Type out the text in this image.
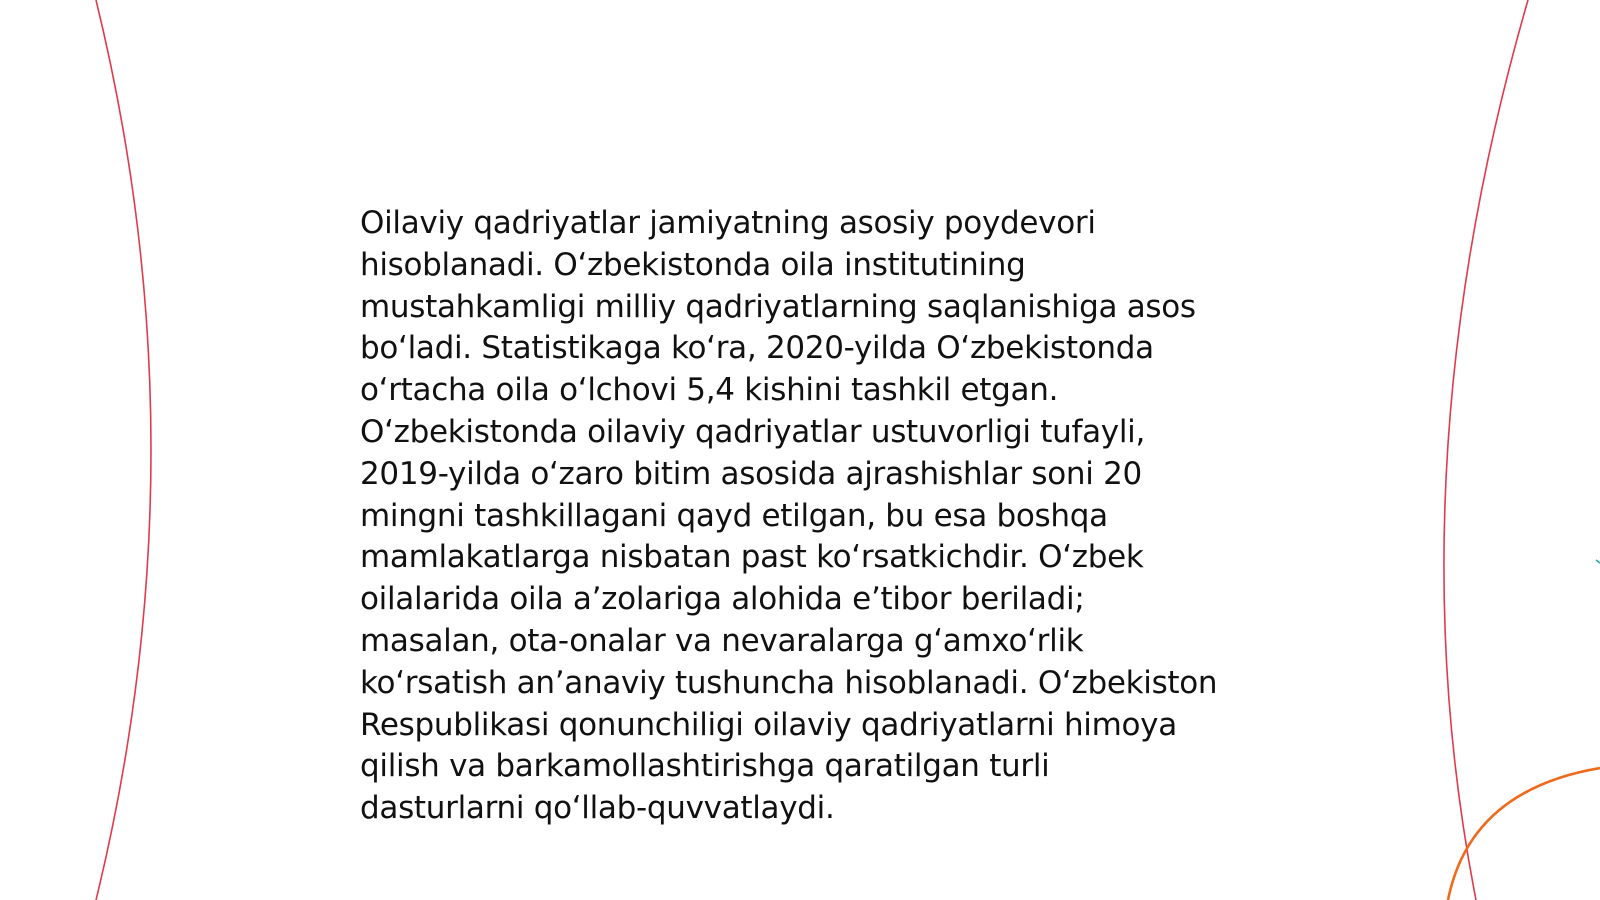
Oilaviy qadriyatlar jamiyatning asosiy poydevori hisoblanadi. O‘zbekistonda oila institutining mustahkamligi milliy qadriyatlarning saqlanishiga asos bo‘ladi. Statistikaga ko‘ra, 2020-yilda O‘zbekistonda o‘rtacha oila o‘lchovi 5,4 kishini tashkil etgan. O‘zbekistonda oilaviy qadriyatlar ustuvorligi tufayli, 2019-yilda o‘zaro bitim asosida ajrashishlar soni 20 mingni tashkillagani qayd etilgan, bu esa boshqa mamlakatlarga nisbatan past ko‘rsatkichdir. O‘zbek oilalarida oila a’zolariga alohida e’tibor beriladi; masalan, ota-onalar va nevaralarga g‘amxo‘rlik ko‘rsatish an’anaviy tushuncha hisoblanadi. O‘zbekiston Respublikasi qonunchiligi oilaviy qadriyatlarni himoya qilish va barkamollashtirishga qaratilgan turli dasturlarni qo‘llab-quvvatlaydi.
